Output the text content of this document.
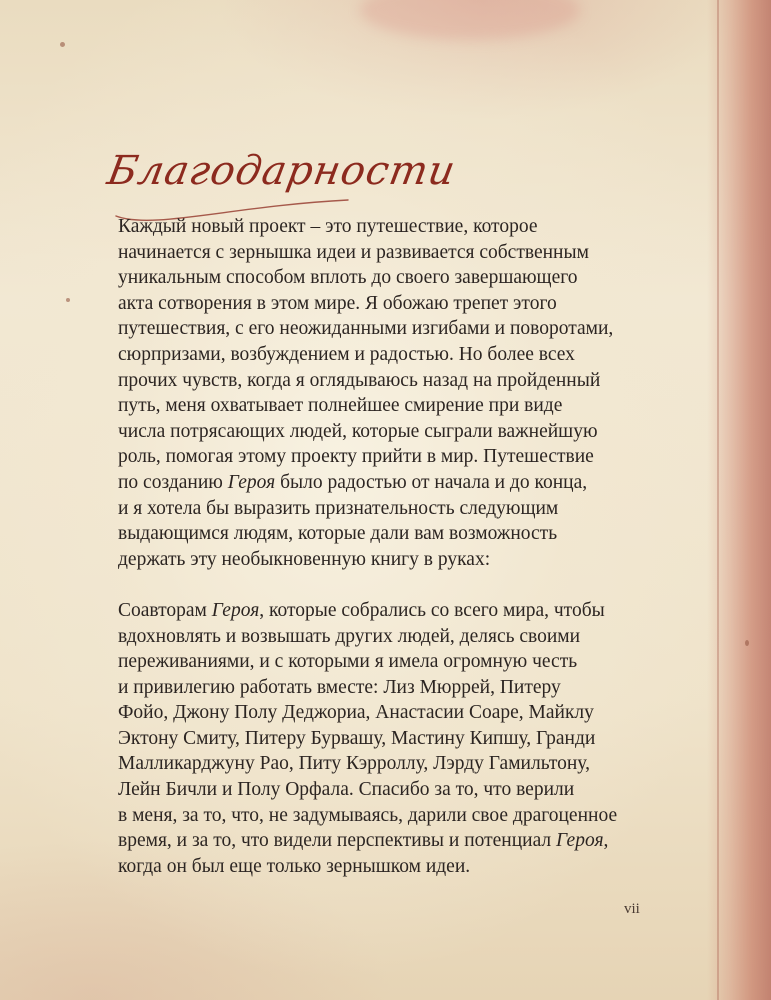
Благодарности

Каждый новый проект – это путешествие, которое
начинается с зернышка идеи и развивается собственным
уникальным способом вплоть до своего завершающего
акта сотворения в этом мире. Я обожаю трепет этого
путешествия, с его неожиданными изгибами и поворотами,
сюрпризами, возбуждением и радостью. Но более всех
прочих чувств, когда я оглядываюсь назад на пройденный
путь, меня охватывает полнейшее смирение при виде
числа потрясающих людей, которые сыграли важнейшую
роль, помогая этому проекту прийти в мир. Путешествие
по созданию Героя было радостью от начала и до конца,
и я хотела бы выразить признательность следующим
выдающимся людям, которые дали вам возможность
держать эту необыкновенную книгу в руках:

Соавторам Героя, которые собрались со всего мира, чтобы
вдохновлять и возвышать других людей, делясь своими
переживаниями, и с которыми я имела огромную честь
и привилегию работать вместе: Лиз Мюррей, Питеру
Фойо, Джону Полу Деджориа, Анастасии Соаре, Майклу
Эктону Смиту, Питеру Бурвашу, Мастину Кипшу, Гранди
Малликарджуну Рао, Питу Кэрроллу, Лэрду Гамильтону,
Лейн Бичли и Полу Орфала. Спасибо за то, что верили
в меня, за то, что, не задумываясь, дарили свое драгоценное
время, и за то, что видели перспективы и потенциал Героя,
когда он был еще только зернышком идеи.

vii
